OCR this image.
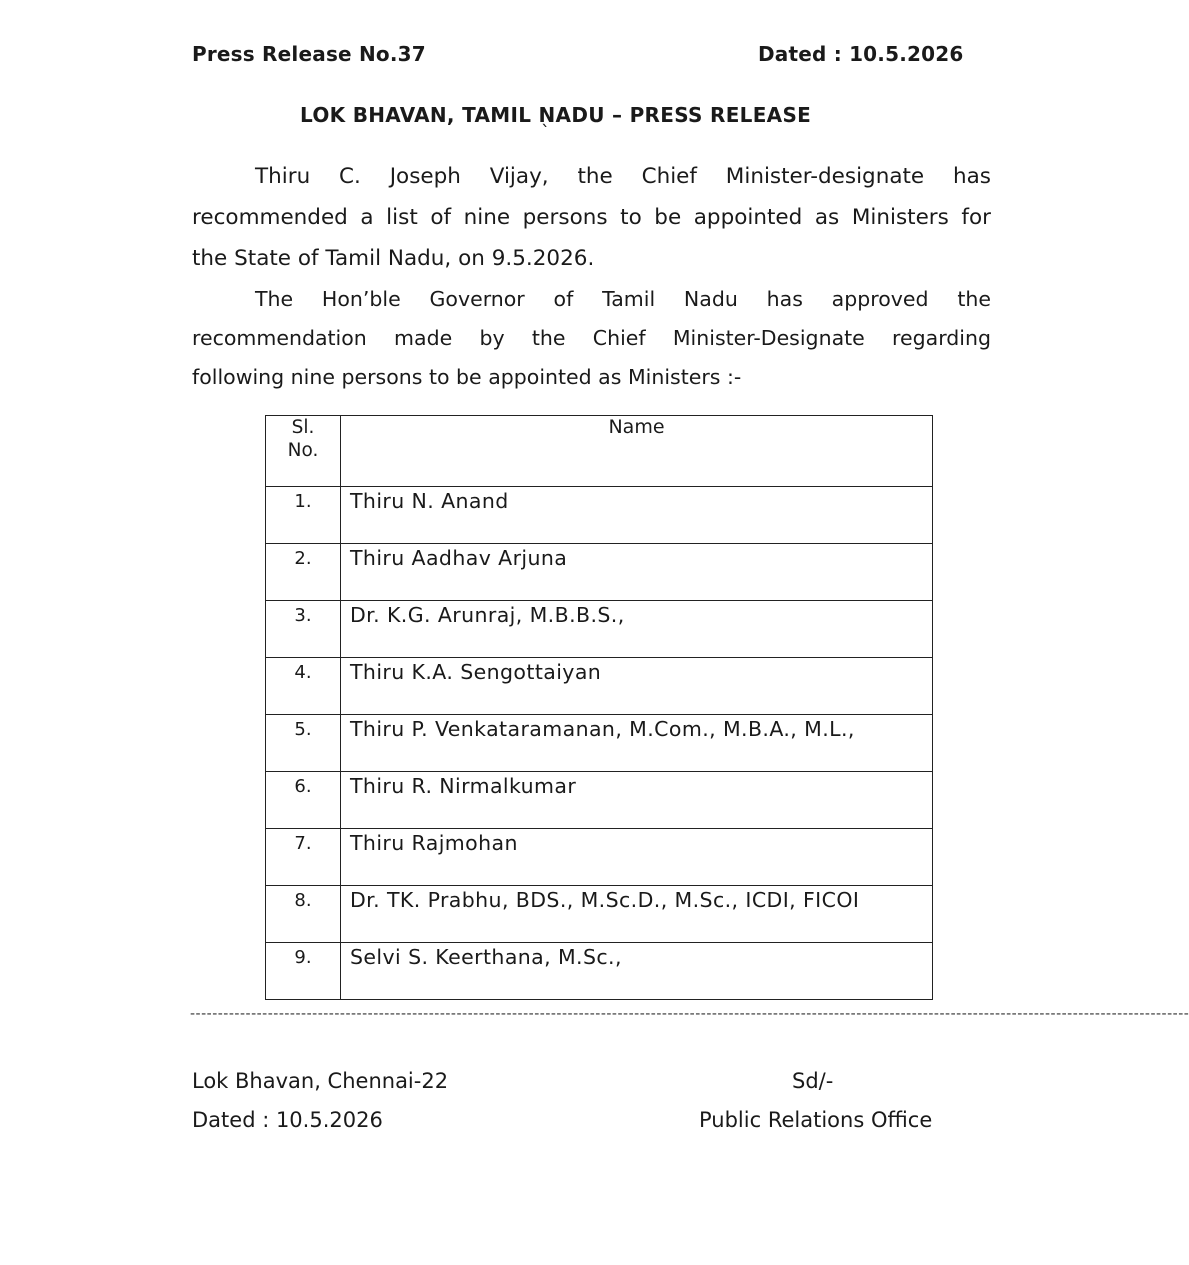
Press Release No.37	Dated : 10.5.2026
LOK BHAVAN, TAMIL NADU – PRESS RELEASE
`
Thiru C. Joseph Vijay, the Chief Minister-designate has
recommended a list of nine persons to be appointed as Ministers for
the State of Tamil Nadu, on 9.5.2026.
The Hon’ble Governor of Tamil Nadu has approved the
recommendation made by the Chief Minister-Designate regarding
following nine persons to be appointed as Ministers :-
Sl.
No.	Name
1.	Thiru N. Anand
2.	Thiru Aadhav Arjuna
3.	Dr. K.G. Arunraj, M.B.B.S.,
4.	Thiru K.A. Sengottaiyan
5.	Thiru P. Venkataramanan, M.Com., M.B.A., M.L.,
6.	Thiru R. Nirmalkumar
7.	Thiru Rajmohan
8.	Dr. TK. Prabhu, BDS., M.Sc.D., M.Sc., ICDI, FICOI
9.	Selvi S. Keerthana, M.Sc.,
------------------------------------------------------------------------------------------------------------------------------------------------------------------------------------
Lok Bhavan, Chennai-22
Dated : 10.5.2026
Sd/-
Public Relations Office
